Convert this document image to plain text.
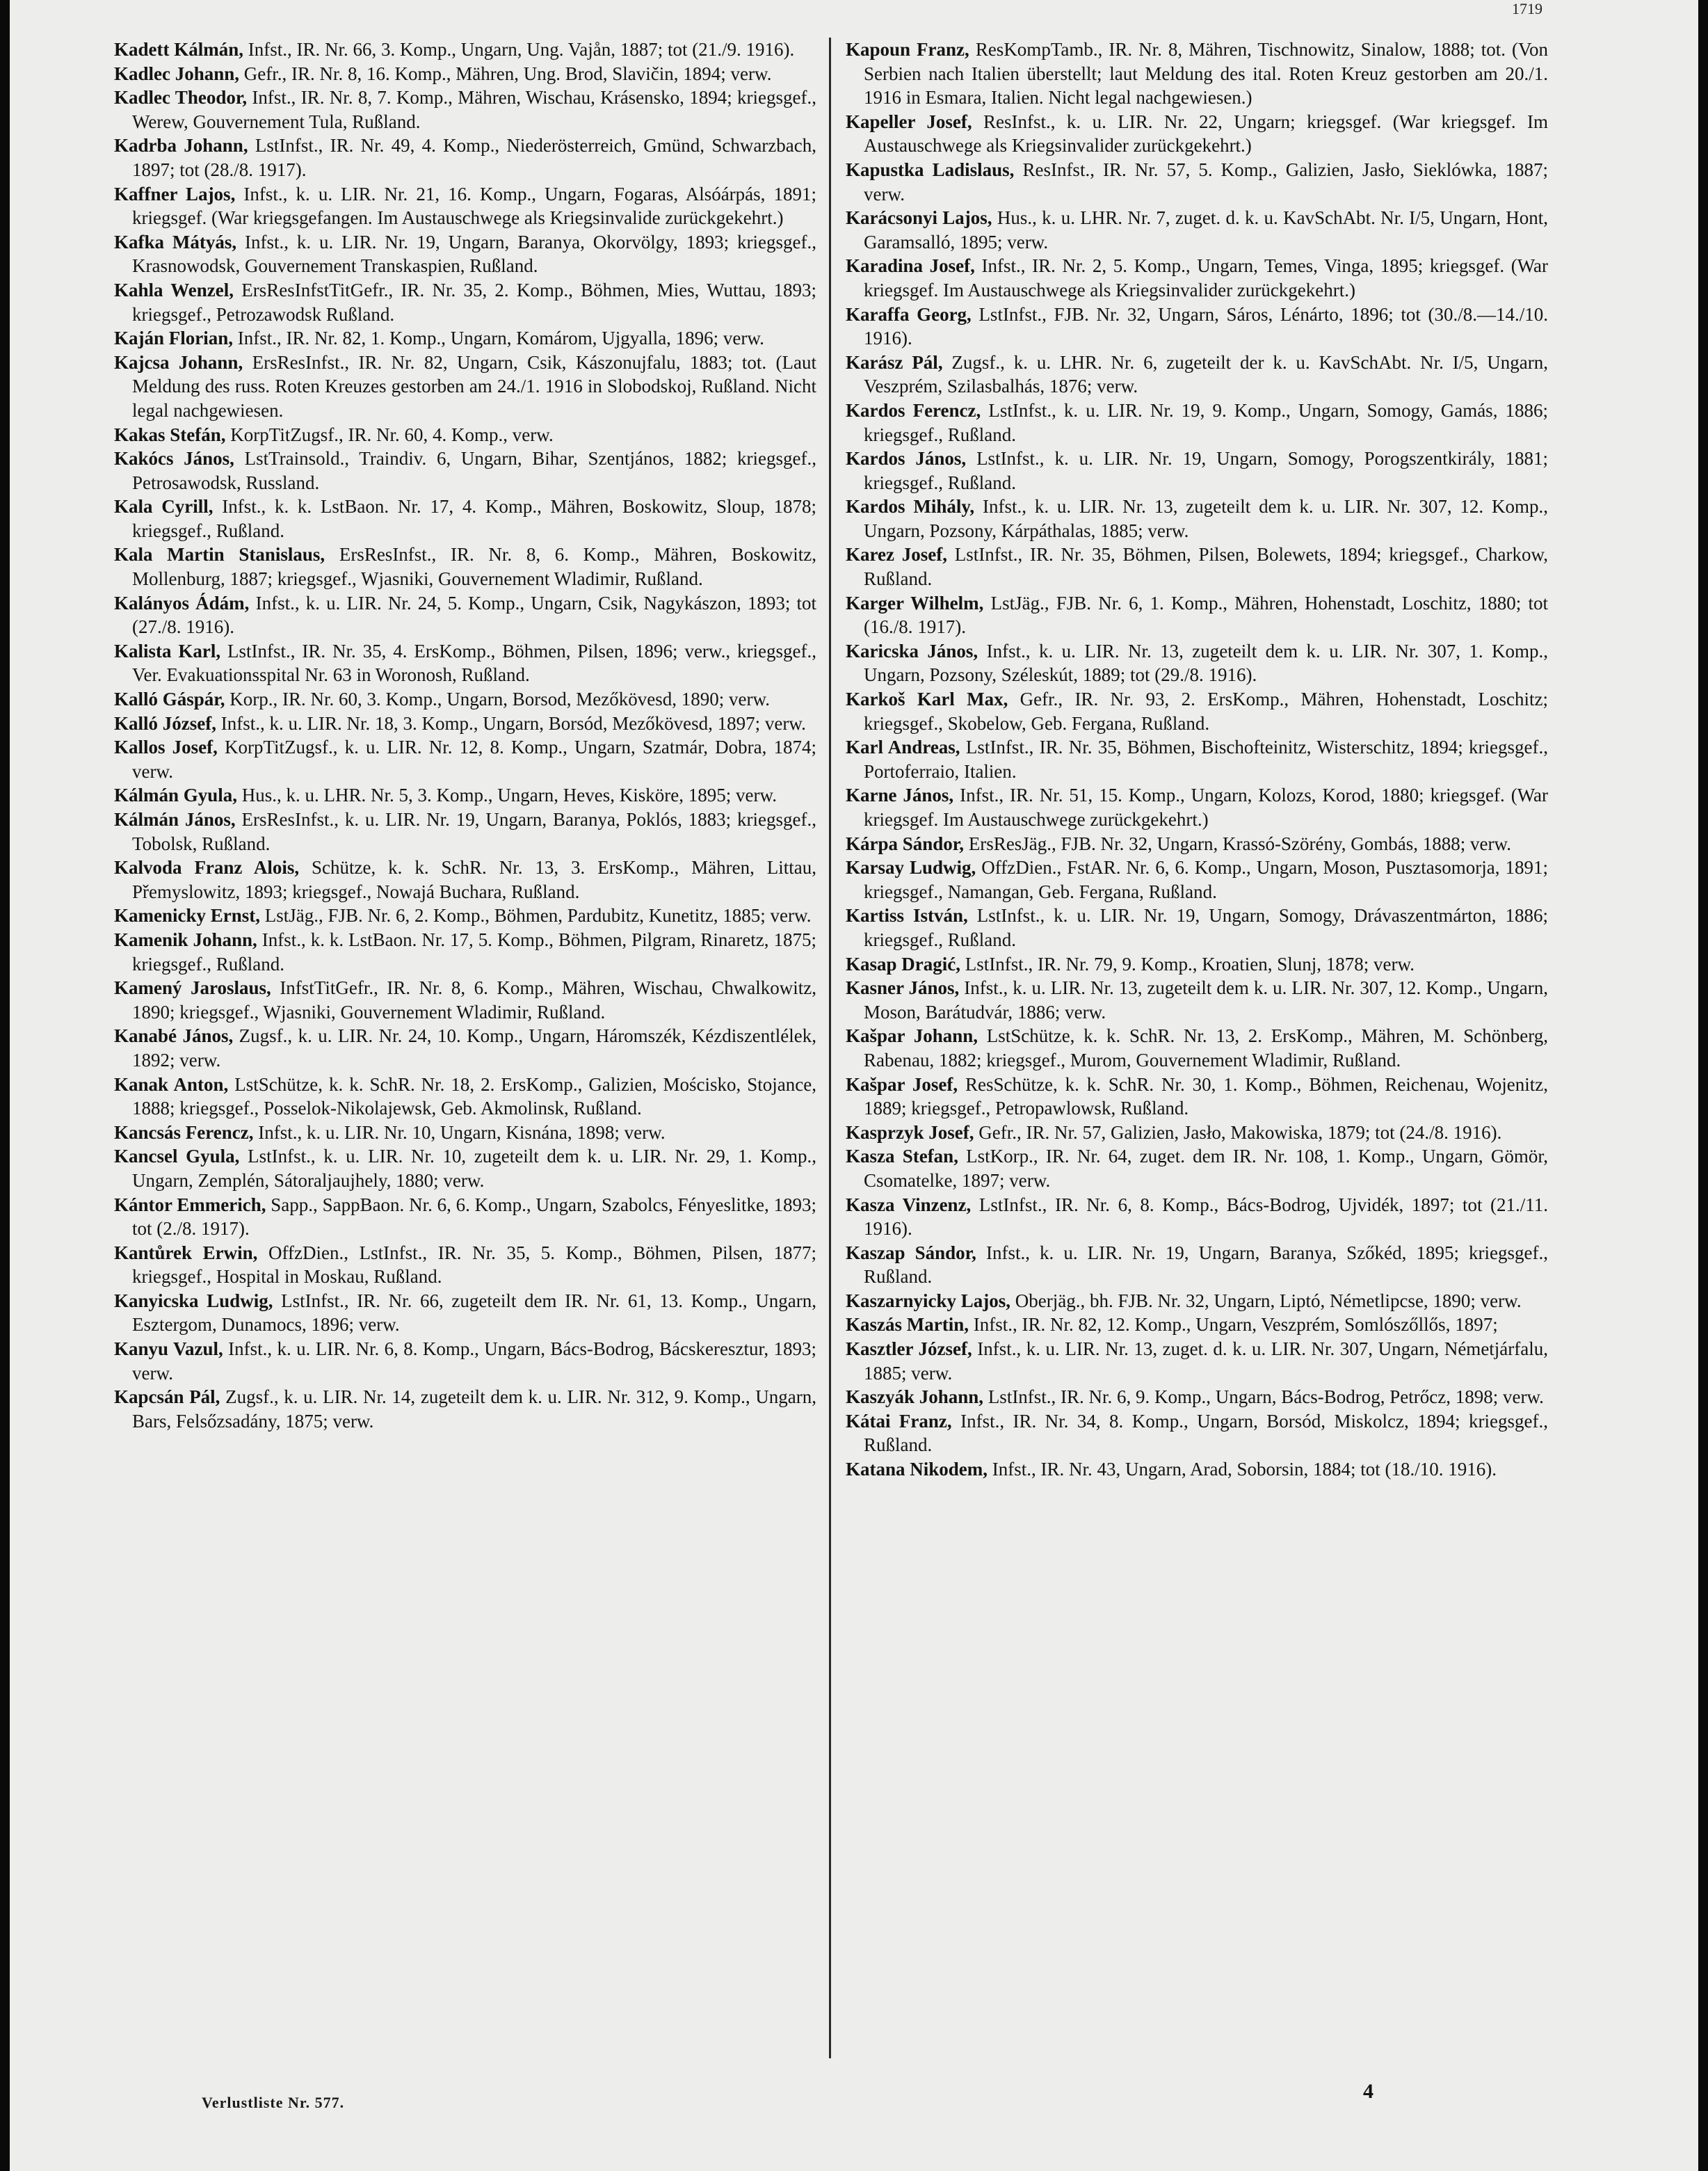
1719
Kadett Kálmán, Infst., IR. Nr. 66, 3. Komp., Ungarn, Ung. Vajån, 1887; tot (21./9. 1916).
Kadlec Johann, Gefr., IR. Nr. 8, 16. Komp., Mähren, Ung. Brod, Slavičin, 1894; verw.
Kadlec Theodor, Infst., IR. Nr. 8, 7. Komp., Mähren, Wischau, Krásensko, 1894; kriegsgef., Werew, Gouvernement Tula, Rußland.
Kadrba Johann, LstInfst., IR. Nr. 49, 4. Komp., Niederösterreich, Gmünd, Schwarzbach, 1897; tot (28./8. 1917).
Kaffner Lajos, Infst., k. u. LIR. Nr. 21, 16. Komp., Ungarn, Fogaras, Alsóárpás, 1891; kriegsgef. (War kriegsgefangen. Im Austauschwege als Kriegsinvalide zurückgekehrt.)
Kafka Mátyás, Infst., k. u. LIR. Nr. 19, Ungarn, Baranya, Okorvölgy, 1893; kriegsgef., Krasnowodsk, Gouvernement Transkaspien, Rußland.
Kahla Wenzel, ErsResInfstTitGefr., IR. Nr. 35, 2. Komp., Böhmen, Mies, Wuttau, 1893; kriegsgef., Petrozawodsk Rußland.
Kaján Florian, Infst., IR. Nr. 82, 1. Komp., Ungarn, Komárom, Ujgyalla, 1896; verw.
Kajcsa Johann, ErsResInfst., IR. Nr. 82, Ungarn, Csik, Kászonujfalu, 1883; tot. (Laut Meldung des russ. Roten Kreuzes gestorben am 24./1. 1916 in Slobodskoj, Rußland. Nicht legal nachgewiesen.
Kakas Stefán, KorpTitZugsf., IR. Nr. 60, 4. Komp., verw.
Kakócs János, LstTrainsold., Traindiv. 6, Ungarn, Bihar, Szentjános, 1882; kriegsgef., Petrosawodsk, Russland.
Kala Cyrill, Infst., k. k. LstBaon. Nr. 17, 4. Komp., Mähren, Boskowitz, Sloup, 1878; kriegsgef., Rußland.
Kala Martin Stanislaus, ErsResInfst., IR. Nr. 8, 6. Komp., Mähren, Boskowitz, Mollenburg, 1887; kriegsgef., Wjasniki, Gouvernement Wladimir, Rußland.
Kalányos Ádám, Infst., k. u. LIR. Nr. 24, 5. Komp., Ungarn, Csik, Nagykászon, 1893; tot (27./8. 1916).
Kalista Karl, LstInfst., IR. Nr. 35, 4. ErsKomp., Böhmen, Pilsen, 1896; verw., kriegsgef., Ver. Evakuationsspital Nr. 63 in Woronosh, Rußland.
Kalló Gáspár, Korp., IR. Nr. 60, 3. Komp., Ungarn, Borsod, Mezőkövesd, 1890; verw.
Kalló József, Infst., k. u. LIR. Nr. 18, 3. Komp., Ungarn, Borsód, Mezőkövesd, 1897; verw.
Kallos Josef, KorpTitZugsf., k. u. LIR. Nr. 12, 8. Komp., Ungarn, Szatmár, Dobra, 1874; verw.
Kálmán Gyula, Hus., k. u. LHR. Nr. 5, 3. Komp., Ungarn, Heves, Kisköre, 1895; verw.
Kálmán János, ErsResInfst., k. u. LIR. Nr. 19, Ungarn, Baranya, Poklós, 1883; kriegsgef., Tobolsk, Rußland.
Kalvoda Franz Alois, Schütze, k. k. SchR. Nr. 13, 3. ErsKomp., Mähren, Littau, Přemyslowitz, 1893; kriegsgef., Nowajá Buchara, Rußland.
Kamenicky Ernst, LstJäg., FJB. Nr. 6, 2. Komp., Böhmen, Pardubitz, Kunetitz, 1885; verw.
Kamenik Johann, Infst., k. k. LstBaon. Nr. 17, 5. Komp., Böhmen, Pilgram, Rinaretz, 1875; kriegsgef., Rußland.
Kamený Jaroslaus, InfstTitGefr., IR. Nr. 8, 6. Komp., Mähren, Wischau, Chwalkowitz, 1890; kriegsgef., Wjasniki, Gouvernement Wladimir, Rußland.
Kanabé János, Zugsf., k. u. LIR. Nr. 24, 10. Komp., Ungarn, Háromszék, Kézdiszentlélek, 1892; verw.
Kanak Anton, LstSchütze, k. k. SchR. Nr. 18, 2. ErsKomp., Galizien, Mościsko, Stojance, 1888; kriegsgef., Posselok-Nikolajewsk, Geb. Akmolinsk, Rußland.
Kancsás Ferencz, Infst., k. u. LIR. Nr. 10, Ungarn, Kisnána, 1898; verw.
Kancsel Gyula, LstInfst., k. u. LIR. Nr. 10, zugeteilt dem k. u. LIR. Nr. 29, 1. Komp., Ungarn, Zemplén, Sátoraljaujhely, 1880; verw.
Kántor Emmerich, Sapp., SappBaon. Nr. 6, 6. Komp., Ungarn, Szabolcs, Fényeslitke, 1893; tot (2./8. 1917).
Kantůrek Erwin, OffzDien., LstInfst., IR. Nr. 35, 5. Komp., Böhmen, Pilsen, 1877; kriegsgef., Hospital in Moskau, Rußland.
Kanyicska Ludwig, LstInfst., IR. Nr. 66, zugeteilt dem IR. Nr. 61, 13. Komp., Ungarn, Esztergom, Dunamocs, 1896; verw.
Kanyu Vazul, Infst., k. u. LIR. Nr. 6, 8. Komp., Ungarn, Bács-Bodrog, Bácskeresztur, 1893; verw.
Kapcsán Pál, Zugsf., k. u. LIR. Nr. 14, zugeteilt dem k. u. LIR. Nr. 312, 9. Komp., Ungarn, Bars, Felsőzsadány, 1875; verw.
Kapoun Franz, ResKompTamb., IR. Nr. 8, Mähren, Tischnowitz, Sinalow, 1888; tot. (Von Serbien nach Italien überstellt; laut Meldung des ital. Roten Kreuz gestorben am 20./1. 1916 in Esmara, Italien. Nicht legal nachgewiesen.)
Kapeller Josef, ResInfst., k. u. LIR. Nr. 22, Ungarn; kriegsgef. (War kriegsgef. Im Austauschwege als Kriegsinvalider zurückgekehrt.)
Kapustka Ladislaus, ResInfst., IR. Nr. 57, 5. Komp., Galizien, Jasło, Sieklówka, 1887; verw.
Karácsonyi Lajos, Hus., k. u. LHR. Nr. 7, zuget. d. k. u. KavSchAbt. Nr. I/5, Ungarn, Hont, Garamsalló, 1895; verw.
Karadina Josef, Infst., IR. Nr. 2, 5. Komp., Ungarn, Temes, Vinga, 1895; kriegsgef. (War kriegsgef. Im Austauschwege als Kriegsinvalider zurückgekehrt.)
Karaffa Georg, LstInfst., FJB. Nr. 32, Ungarn, Sáros, Lénárto, 1896; tot (30./8.—14./10. 1916).
Karász Pál, Zugsf., k. u. LHR. Nr. 6, zugeteilt der k. u. KavSchAbt. Nr. I/5, Ungarn, Veszprém, Szilasbalhás, 1876; verw.
Kardos Ferencz, LstInfst., k. u. LIR. Nr. 19, 9. Komp., Ungarn, Somogy, Gamás, 1886; kriegsgef., Rußland.
Kardos János, LstInfst., k. u. LIR. Nr. 19, Ungarn, Somogy, Porogszentkirály, 1881; kriegsgef., Rußland.
Kardos Mihály, Infst., k. u. LIR. Nr. 13, zugeteilt dem k. u. LIR. Nr. 307, 12. Komp., Ungarn, Pozsony, Kárpáthalas, 1885; verw.
Karez Josef, LstInfst., IR. Nr. 35, Böhmen, Pilsen, Bolewets, 1894; kriegsgef., Charkow, Rußland.
Karger Wilhelm, LstJäg., FJB. Nr. 6, 1. Komp., Mähren, Hohenstadt, Loschitz, 1880; tot (16./8. 1917).
Karicska János, Infst., k. u. LIR. Nr. 13, zugeteilt dem k. u. LIR. Nr. 307, 1. Komp., Ungarn, Pozsony, Széleskút, 1889; tot (29./8. 1916).
Karkoš Karl Max, Gefr., IR. Nr. 93, 2. ErsKomp., Mähren, Hohenstadt, Loschitz; kriegsgef., Skobelow, Geb. Fergana, Rußland.
Karl Andreas, LstInfst., IR. Nr. 35, Böhmen, Bischofteinitz, Wisterschitz, 1894; kriegsgef., Portoferraio, Italien.
Karne János, Infst., IR. Nr. 51, 15. Komp., Ungarn, Kolozs, Korod, 1880; kriegsgef. (War kriegsgef. Im Austauschwege zurückgekehrt.)
Kárpa Sándor, ErsResJäg., FJB. Nr. 32, Ungarn, Krassó-Szörény, Gombás, 1888; verw.
Karsay Ludwig, OffzDien., FstAR. Nr. 6, 6. Komp., Ungarn, Moson, Pusztasomorja, 1891; kriegsgef., Namangan, Geb. Fergana, Rußland.
Kartiss István, LstInfst., k. u. LIR. Nr. 19, Ungarn, Somogy, Drávaszentmárton, 1886; kriegsgef., Rußland.
Kasap Dragić, LstInfst., IR. Nr. 79, 9. Komp., Kroatien, Slunj, 1878; verw.
Kasner János, Infst., k. u. LIR. Nr. 13, zugeteilt dem k. u. LIR. Nr. 307, 12. Komp., Ungarn, Moson, Barátudvár, 1886; verw.
Kašpar Johann, LstSchütze, k. k. SchR. Nr. 13, 2. ErsKomp., Mähren, M. Schönberg, Rabenau, 1882; kriegsgef., Murom, Gouvernement Wladimir, Rußland.
Kašpar Josef, ResSchütze, k. k. SchR. Nr. 30, 1. Komp., Böhmen, Reichenau, Wojenitz, 1889; kriegsgef., Petropawlowsk, Rußland.
Kasprzyk Josef, Gefr., IR. Nr. 57, Galizien, Jasło, Makowiska, 1879; tot (24./8. 1916).
Kasza Stefan, LstKorp., IR. Nr. 64, zuget. dem IR. Nr. 108, 1. Komp., Ungarn, Gömör, Csomatelke, 1897; verw.
Kasza Vinzenz, LstInfst., IR. Nr. 6, 8. Komp., Bács-Bodrog, Ujvidék, 1897; tot (21./11. 1916).
Kaszap Sándor, Infst., k. u. LIR. Nr. 19, Ungarn, Baranya, Szőkéd, 1895; kriegsgef., Rußland.
Kaszarnyicky Lajos, Oberjäg., bh. FJB. Nr. 32, Ungarn, Liptó, Németlipcse, 1890; verw.
Kaszás Martin, Infst., IR. Nr. 82, 12. Komp., Ungarn, Veszprém, Somlószőllős, 1897;
Kasztler József, Infst., k. u. LIR. Nr. 13, zuget. d. k. u. LIR. Nr. 307, Ungarn, Németjárfalu, 1885; verw.
Kaszyák Johann, LstInfst., IR. Nr. 6, 9. Komp., Ungarn, Bács-Bodrog, Petrőcz, 1898; verw.
Kátai Franz, Infst., IR. Nr. 34, 8. Komp., Ungarn, Borsód, Miskolcz, 1894; kriegsgef., Rußland.
Katana Nikodem, Infst., IR. Nr. 43, Ungarn, Arad, Soborsin, 1884; tot (18./10. 1916).
Verlustliste Nr. 577.	4
